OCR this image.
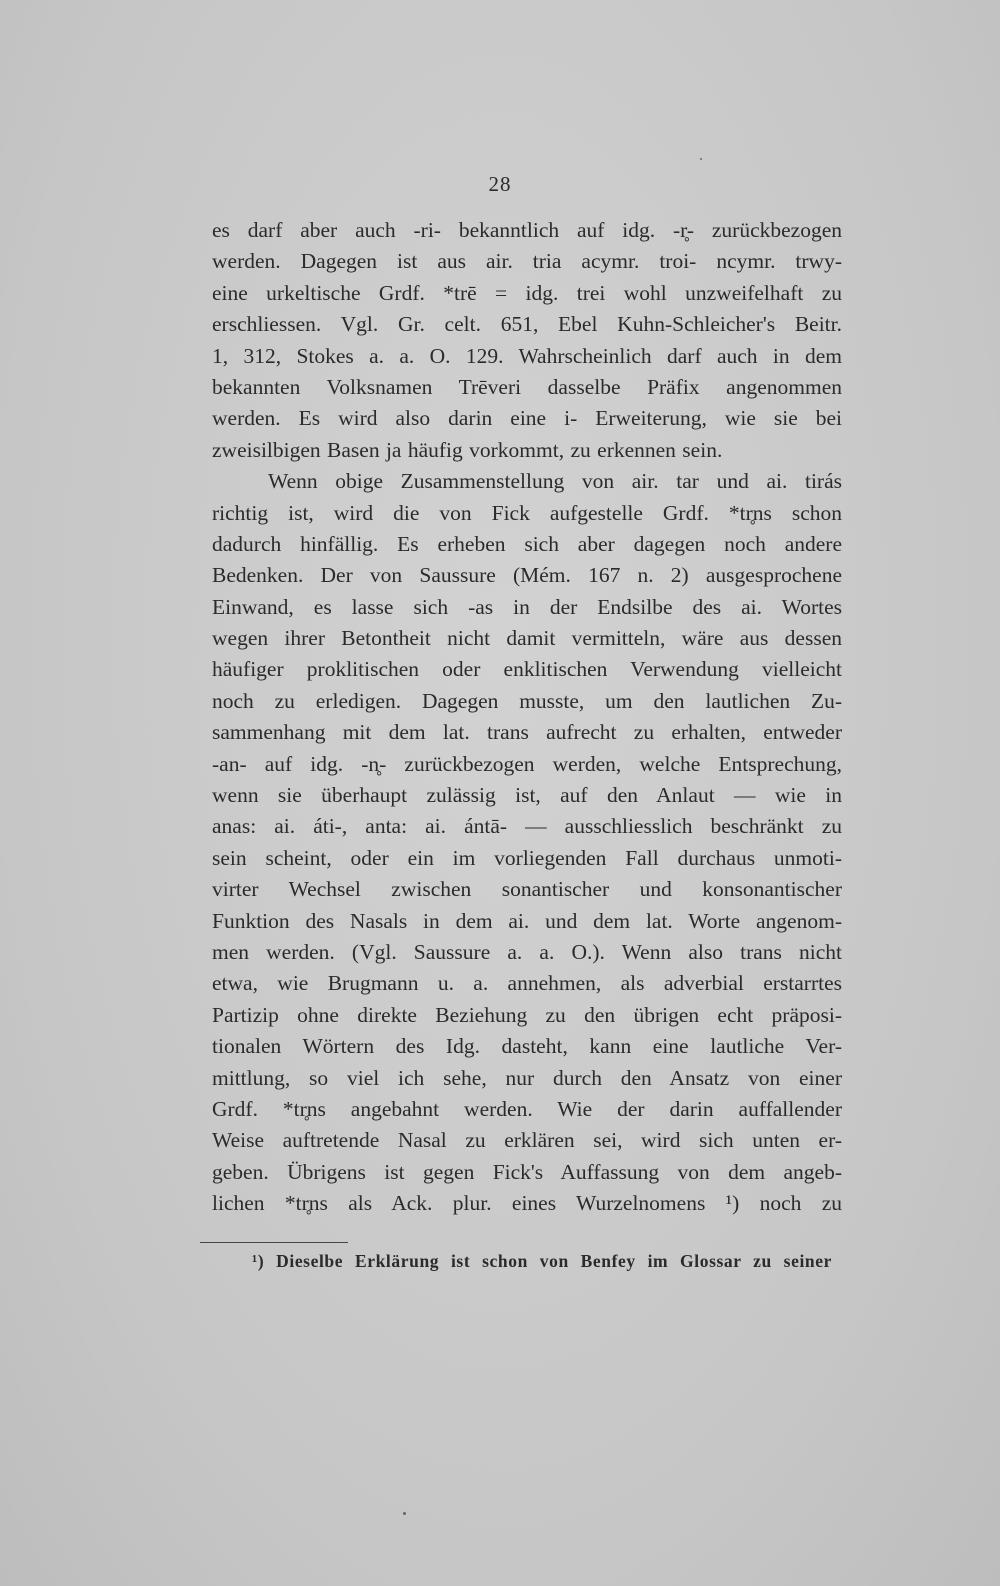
28
es darf aber auch -ri- bekanntlich auf idg. -r̥- zurückbezogen
werden. Dagegen ist aus air. tria acymr. troi- ncymr. trwy-
eine urkeltische Grdf. *trē = idg. trei wohl unzweifelhaft zu
erschliessen. Vgl. Gr. celt. 651, Ebel Kuhn-Schleicher's Beitr.
1, 312, Stokes a. a. O. 129. Wahrscheinlich darf auch in dem
bekannten Volksnamen Trēveri dasselbe Präfix angenommen
werden. Es wird also darin eine i- Erweiterung, wie sie bei
zweisilbigen Basen ja häufig vorkommt, zu erkennen sein.
Wenn obige Zusammenstellung von air. tar und ai. tirás
richtig ist, wird die von Fick aufgestelle Grdf. *tr̥ns schon
dadurch hinfällig. Es erheben sich aber dagegen noch andere
Bedenken. Der von Saussure (Mém. 167 n. 2) ausgesprochene
Einwand, es lasse sich -as in der Endsilbe des ai. Wortes
wegen ihrer Betontheit nicht damit vermitteln, wäre aus dessen
häufiger proklitischen oder enklitischen Verwendung vielleicht
noch zu erledigen. Dagegen musste, um den lautlichen Zu-
sammenhang mit dem lat. trans aufrecht zu erhalten, entweder
-an- auf idg. -n̥- zurückbezogen werden, welche Entsprechung,
wenn sie überhaupt zulässig ist, auf den Anlaut — wie in
anas: ai. áti-, anta: ai. ántā- — ausschliesslich beschränkt zu
sein scheint, oder ein im vorliegenden Fall durchaus unmoti-
virter Wechsel zwischen sonantischer und konsonantischer
Funktion des Nasals in dem ai. und dem lat. Worte angenom-
men werden. (Vgl. Saussure a. a. O.). Wenn also trans nicht
etwa, wie Brugmann u. a. annehmen, als adverbial erstarrtes
Partizip ohne direkte Beziehung zu den übrigen echt präposi-
tionalen Wörtern des Idg. dasteht, kann eine lautliche Ver-
mittlung, so viel ich sehe, nur durch den Ansatz von einer
Grdf. *tr̥ns angebahnt werden. Wie der darin auffallender
Weise auftretende Nasal zu erklären sei, wird sich unten er-
geben. Übrigens ist gegen Fick's Auffassung von dem angeb-
lichen *tr̥ns als Ack. plur. eines Wurzelnomens ¹) noch zu
¹) Dieselbe Erklärung ist schon von Benfey im Glossar zu seiner
